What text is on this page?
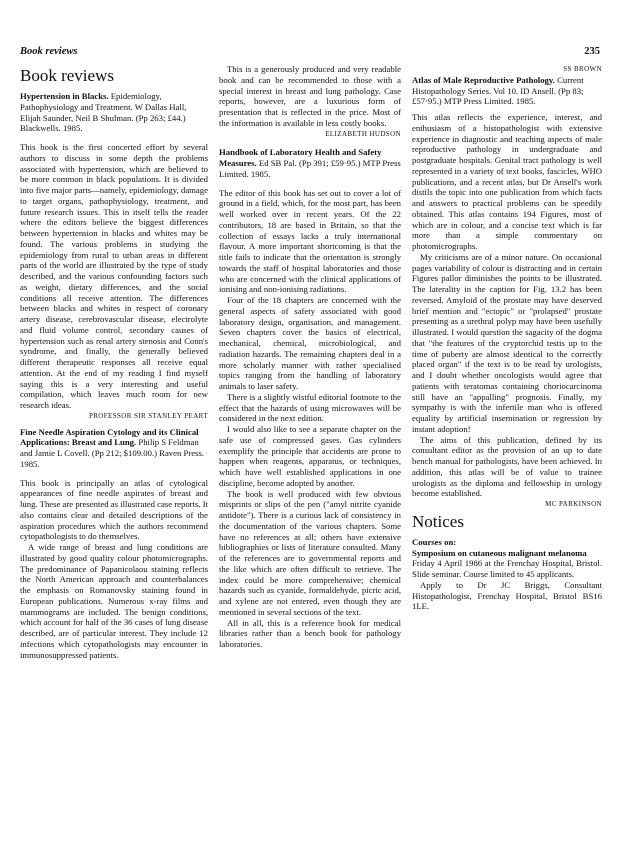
Book reviews	235
Book reviews

Hypertension in Blacks. Epidemiology, Pathophysiology and Treatment. W Dallas Hall, Elijah Saunder, Neil B Shulman. (Pp 263; £44.) Blackwells. 1985.

This book is the first concerted effort by several authors to discuss in some depth the problems associated with hypertension, which are believed to be more common in black populations. It is divided into five major parts—namely, epidemiology, damage to target organs, pathophysiology, treatment, and future research issues. This in itself tells the reader where the editors believe the biggest differences between hypertension in blacks and whites may be found. The various problems in studying the epidemiology from rural to urban areas in different parts of the world are illustrated by the type of study described, and the various confounding factors such as weight, dietary differences, and the social conditions all receive attention. The differences between blacks and whites in respect of coronary artery disease, cerebrovascular disease, electrolyte and fluid volume control, secondary causes of hypertension such as renal artery stenosis and Conn's syndrome, and finally, the generally believed different therapeutic responses all receive equal attention. At the end of my reading I find myself saying this is a very interesting and useful compilation, which leaves much room for new research ideas.

PROFESSOR SIR STANLEY PEART

Fine Needle Aspiration Cytology and its Clinical Applications: Breast and Lung. Philip S Feldman and Jamie L Covell. (Pp 212; $109.00.) Raven Press. 1985.

This book is principally an atlas of cytological appearances of fine needle aspirates of breast and lung. These are presented as illustrated case reports. It also contains clear and detailed descriptions of the aspiration procedures which the authors recommend cytopathologists to do themselves.

A wide range of breast and lung conditions are illustrated by good quality colour photomicrographs. The predominance of Papanicolaou staining reflects the North American approach and counterbalances the emphasis on Romanovsky staining found in European publications. Numerous x-ray films and mammograms are included. The benign conditions, which account for half of the 36 cases of lung disease described, are of particular interest. They include 12 infections which cytopathologists may encounter in immunosuppressed patients.

This is a generously produced and very readable book and can be recommended to those with a special interest in breast and lung pathology. Case reports, however, are a luxurious form of presentation that is reflected in the price. Most of the information is available in less costly books.

ELIZABETH HUDSON

Handbook of Laboratory Health and Safety Measures. Ed SB Pal. (Pp 391; £59·95.) MTP Press Limited. 1985.

The editor of this book has set out to cover a lot of ground in a field, which, for the most part, has been well worked over in recent years. Of the 22 contributors, 18 are based in Britain, so that the collection of essays lacks a truly international flavour. A more important shortcoming is that the title fails to indicate that the orientation is strongly towards the staff of hospital laboratories and those who are concerned with the clinical applications of ionising and non-ionising radiations.

Four of the 18 chapters are concerned with the general aspects of safety associated with good laboratory design, organisation, and management. Seven chapters cover the basics of electrical, mechanical, chemical, microbiological, and radiation hazards. The remaining chapters deal in a more scholarly manner with rather specialised topics ranging from the handling of laboratory animals to laser safety.

There is a slightly wistful editorial footnote to the effect that the hazards of using microwaves will be considered in the next edition.

I would also like to see a separate chapter on the safe use of compressed gases. Gas cylinders exemplify the principle that accidents are prone to happen when reagents, apparatus, or techniques, which have well established applications in one discipline, become adopted by another.

The book is well produced with few obvious misprints or slips of the pen ("amyl nitrite cyanide antidote"). There is a curious lack of consistency in the documentation of the various chapters. Some have no references at all; others have extensive bibliographies or lists of literature consulted. Many of the references are to governmental reports and the like which are often difficult to retrieve. The index could be more comprehensive; chemical hazards such as cyanide, formaldehyde, picric acid, and xylene are not entered, even though they are mentioned in several sections of the text.

All in all, this is a reference book for medical libraries rather than a bench book for pathology laboratories.

SS BROWN

Atlas of Male Reproductive Pathology. Current Histopathology Series. Vol 10. ID Ansell. (Pp 83; £57·95.) MTP Press Limited. 1985.

This atlas reflects the experience, interest, and enthusiasm of a histopathologist with extensive experience in diagnostic and teaching aspects of male reproductive pathology in undergraduate and postgraduate hospitals. Genital tract pathology is well represented in a variety of text books, fascicles, WHO publications, and a recent atlas, but Dr Ansell's work distils the topic into one publication from which facts and answers to practical problems can be speedily obtained. This atlas contains 194 Figures, most of which are in colour, and a concise text which is far more than a simple commentary on photomicrographs.

My criticisms are of a minor nature. On occasional pages variability of colour is distracting and in certain Figures pallor diminishes the points to be illustrated. The laterality in the caption for Fig. 13.2 has been reversed. Amyloid of the prostate may have deserved brief mention and "ectopic" or "prolapsed" prostate presenting as a urethral polyp may have been usefully illustrated. I would question the sagacity of the dogma that "the features of the cryptorchid testis up to the time of puberty are almost identical to the correctly placed organ" if the text is to be read by urologists, and I doubt whether oncologists would agree that patients with teratomas containing choriocarcinoma still have an "appalling" prognosis. Finally, my sympathy is with the infertile man who is offered equality by artificial insemination or regression by instant adoption!

The aims of this publication, defined by its consultant editor as the provision of an up to date bench manual for pathologists, have been achieved. In addition, this atlas will be of value to trainee urologists as the diploma and fellowship in urology become established.

MC PARKINSON

Notices

Courses on:

Symposium on cutaneous malignant melanoma

Friday 4 April 1986 at the Frenchay Hospital, Bristol. Slide seminar. Course limited to 45 applicants.

Apply to Dr JC Briggs, Consultant Histopathologist, Frenchay Hospital, Bristol BS16 1LE.
